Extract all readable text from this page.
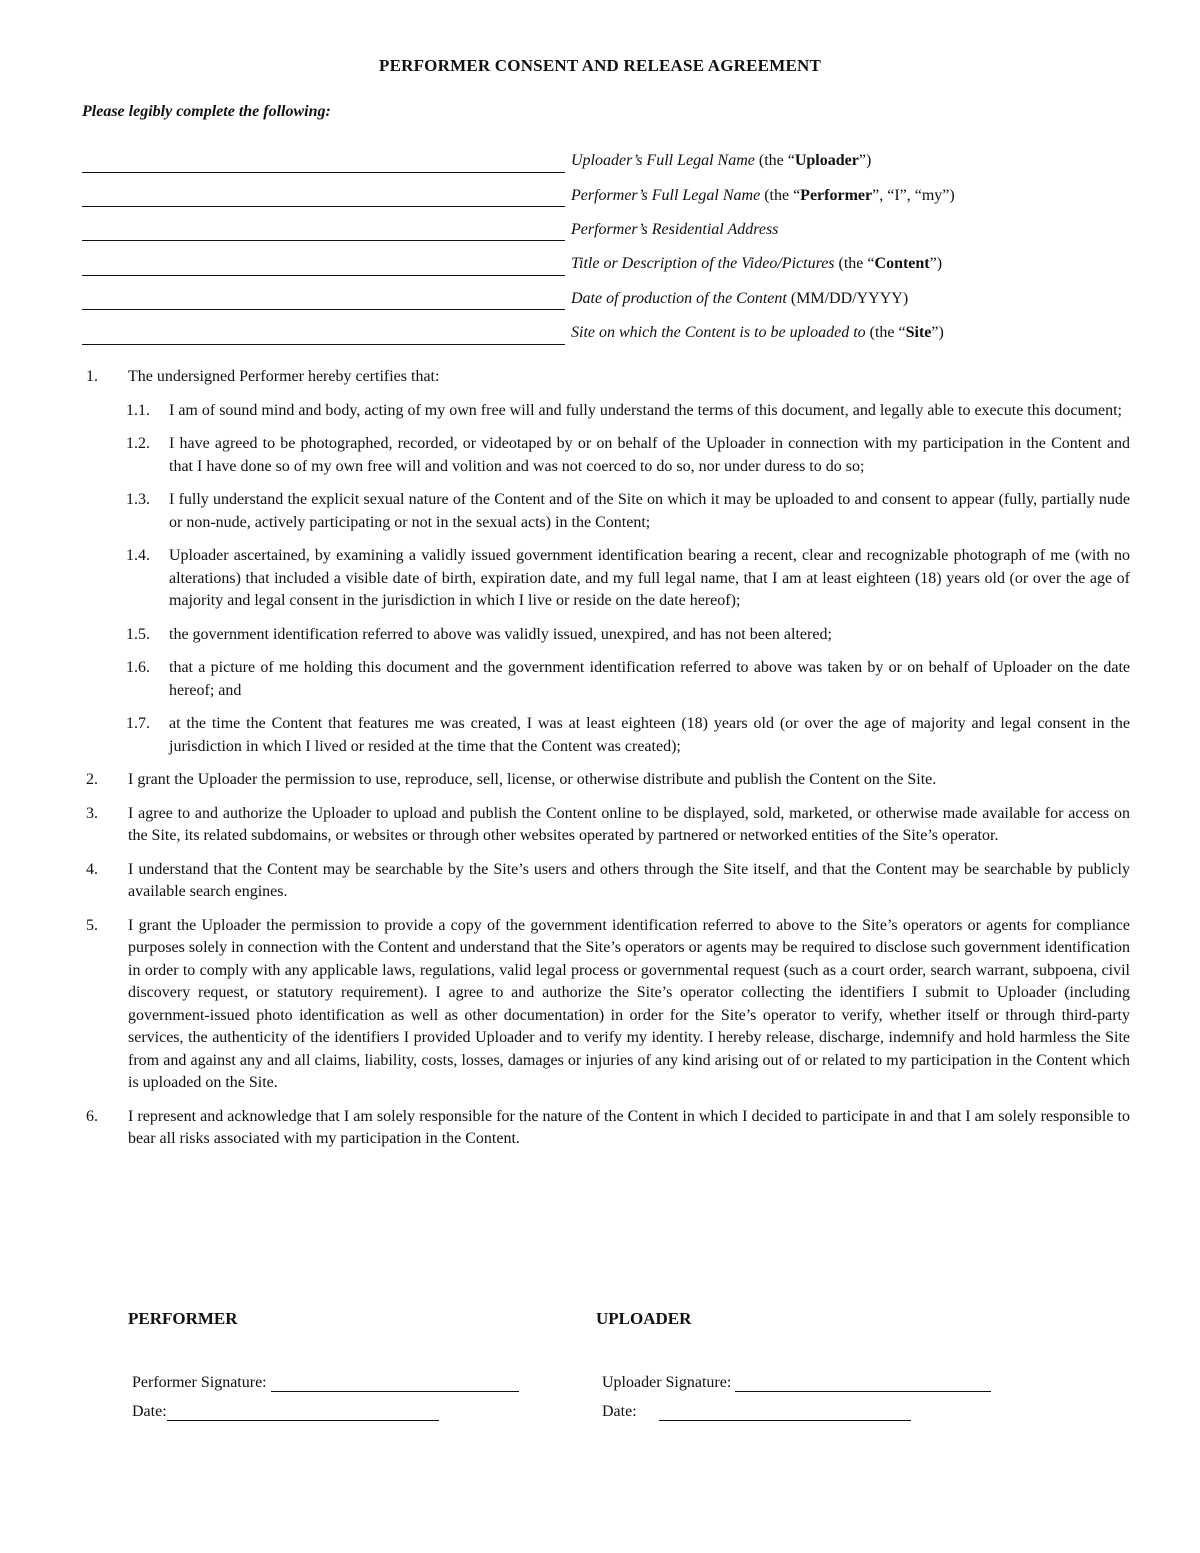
PERFORMER CONSENT AND RELEASE AGREEMENT
Please legibly complete the following:
Uploader’s Full Legal Name (the “Uploader”)
Performer’s Full Legal Name (the “Performer”, “I”, “my”)
Performer’s Residential Address
Title or Description of the Video/Pictures (the “Content”)
Date of production of the Content (MM/DD/YYYY)
Site on which the Content is to be uploaded to (the “Site”)
1.	The undersigned Performer hereby certifies that:
1.1.	I am of sound mind and body, acting of my own free will and fully understand the terms of this document, and legally able to execute this document;
1.2.	I have agreed to be photographed, recorded, or videotaped by or on behalf of the Uploader in connection with my participation in the Content and that I have done so of my own free will and volition and was not coerced to do so, nor under duress to do so;
1.3.	I fully understand the explicit sexual nature of the Content and of the Site on which it may be uploaded to and consent to appear (fully, partially nude or non-nude, actively participating or not in the sexual acts) in the Content;
1.4.	Uploader ascertained, by examining a validly issued government identification bearing a recent, clear and recognizable photograph of me (with no alterations) that included a visible date of birth, expiration date, and my full legal name, that I am at least eighteen (18) years old (or over the age of majority and legal consent in the jurisdiction in which I live or reside on the date hereof);
1.5.	the government identification referred to above was validly issued, unexpired, and has not been altered;
1.6.	that a picture of me holding this document and the government identification referred to above was taken by or on behalf of Uploader on the date hereof; and
1.7.	at the time the Content that features me was created, I was at least eighteen (18) years old (or over the age of majority and legal consent in the jurisdiction in which I lived or resided at the time that the Content was created);
2.	I grant the Uploader the permission to use, reproduce, sell, license, or otherwise distribute and publish the Content on the Site.
3.	I agree to and authorize the Uploader to upload and publish the Content online to be displayed, sold, marketed, or otherwise made available for access on the Site, its related subdomains, or websites or through other websites operated by partnered or networked entities of the Site’s operator.
4.	I understand that the Content may be searchable by the Site’s users and others through the Site itself, and that the Content may be searchable by publicly available search engines.
5.	I grant the Uploader the permission to provide a copy of the government identification referred to above to the Site’s operators or agents for compliance purposes solely in connection with the Content and understand that the Site’s operators or agents may be required to disclose such government identification in order to comply with any applicable laws, regulations, valid legal process or governmental request (such as a court order, search warrant, subpoena, civil discovery request, or statutory requirement). I agree to and authorize the Site’s operator collecting the identifiers I submit to Uploader (including government-issued photo identification as well as other documentation) in order for the Site’s operator to verify, whether itself or through third-party services, the authenticity of the identifiers I provided Uploader and to verify my identity. I hereby release, discharge, indemnify and hold harmless the Site from and against any and all claims, liability, costs, losses, damages or injuries of any kind arising out of or related to my participation in the Content which is uploaded on the Site.
6.	I represent and acknowledge that I am solely responsible for the nature of the Content in which I decided to participate in and that I am solely responsible to bear all risks associated with my participation in the Content.
PERFORMER
Performer Signature:
Date:
UPLOADER
Uploader Signature:
Date:
